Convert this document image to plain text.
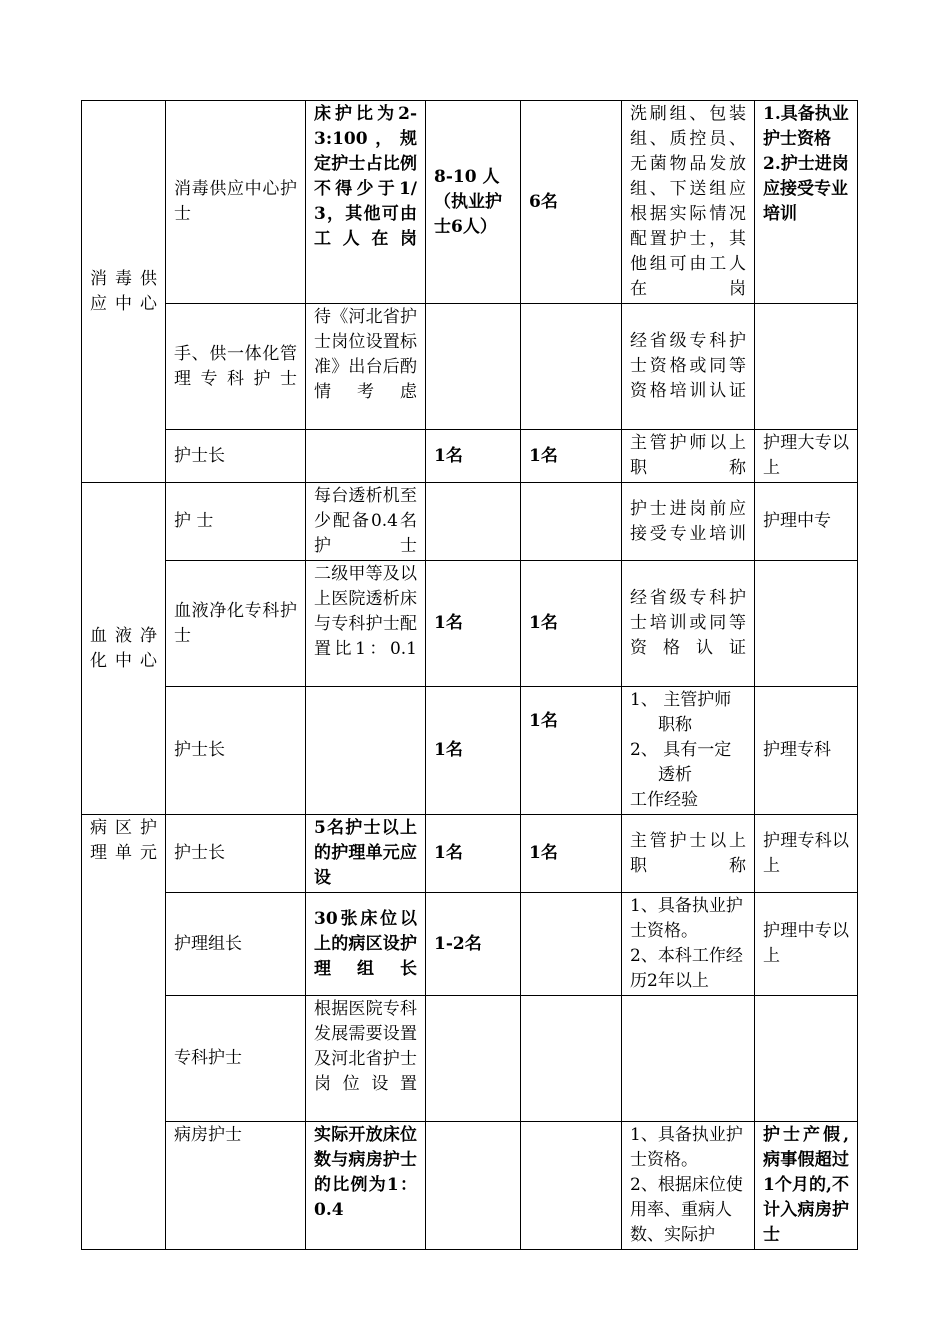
消毒供应中心	消毒供应中心护士	床护比为2-3:100，规定护士占比例不得少于1/3，其他可由工人在岗	8-10 人（执业护士6人）	6名	洗刷组、包装组、质控员、无菌物品发放组、下送组应根据实际情况配置护士，其他组可由工人在岗	1.具备执业护士资格
2.护士进岗应接受专业培训

	手、供一体化管理专科护士	待《河北省护士岗位设置标准》出台后酌情考虑			经省级专科护士资格或同等资格培训认证	
	护士长		1名	1名	主管护师以上职称	护理大专以上
血液净化中心	护 士	每台透析机至少配备0.4名护士			护士进岗前应接受专业培训	护理中专
	血液净化专科护士	二级甲等及以上医院透析床与专科护士配置比1：0.1	1名	1名	经省级专科护士培训或同等资格认证	
	护士长		1名	1名	1、 主管护师
职称
2、 具有一定
透析
工作经验	护理专科
病区护理单元	护士长	5名护士以上的护理单元应设	1名	1名	主管护士以上职称	护理专科以上
	护理组长	30张床位以上的病区设护理组长	1-2名		1、具备执业护士资格。
2、本科工作经历2年以上	护理中专以上
	专科护士	根据医院专科发展需要设置及河北省护士岗位设置				
	病房护士	实际开放床位数与病房护士的比例为1：0.4			1、具备执业护士资格。
2、根据床位使用率、重病人数、实际护	护士产假,病事假超过1个月的,不计入病房护士
